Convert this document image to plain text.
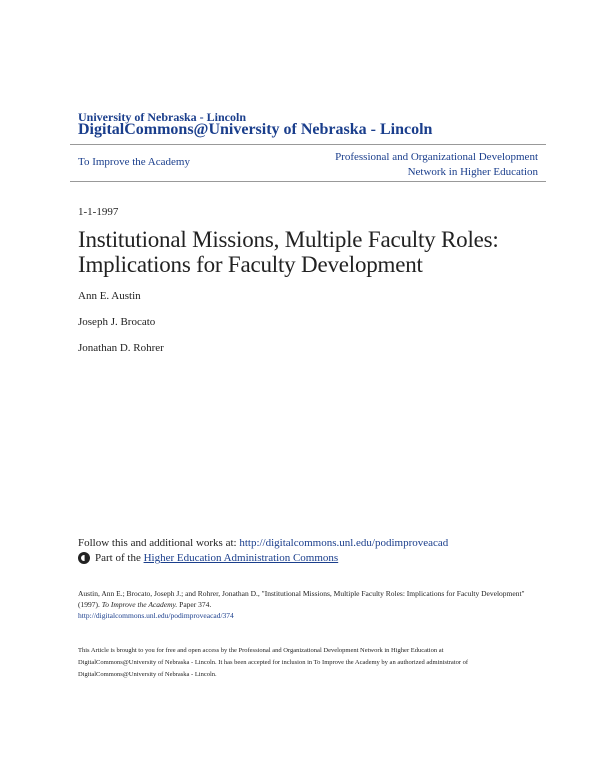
University of Nebraska - Lincoln
DigitalCommons@University of Nebraska - Lincoln
To Improve the Academy	Professional and Organizational Development
Network in Higher Education
1-1-1997
Institutional Missions, Multiple Faculty Roles:
Implications for Faculty Development
Ann E. Austin
Joseph J. Brocato
Jonathan D. Rohrer
Follow this and additional works at: http://digitalcommons.unl.edu/podimproveacad
Part of the
Higher Education Administration Commons
Austin, Ann E.; Brocato, Joseph J.; and Rohrer, Jonathan D., "Institutional Missions, Multiple Faculty Roles: Implications for Faculty Development" (1997). To Improve the Academy. Paper 374.
http://digitalcommons.unl.edu/podimproveacad/374
This Article is brought to you for free and open access by the Professional and Organizational Development Network in Higher Education at
DigitalCommons@University of Nebraska - Lincoln. It has been accepted for inclusion in To Improve the Academy by an authorized administrator of
DigitalCommons@University of Nebraska - Lincoln.
